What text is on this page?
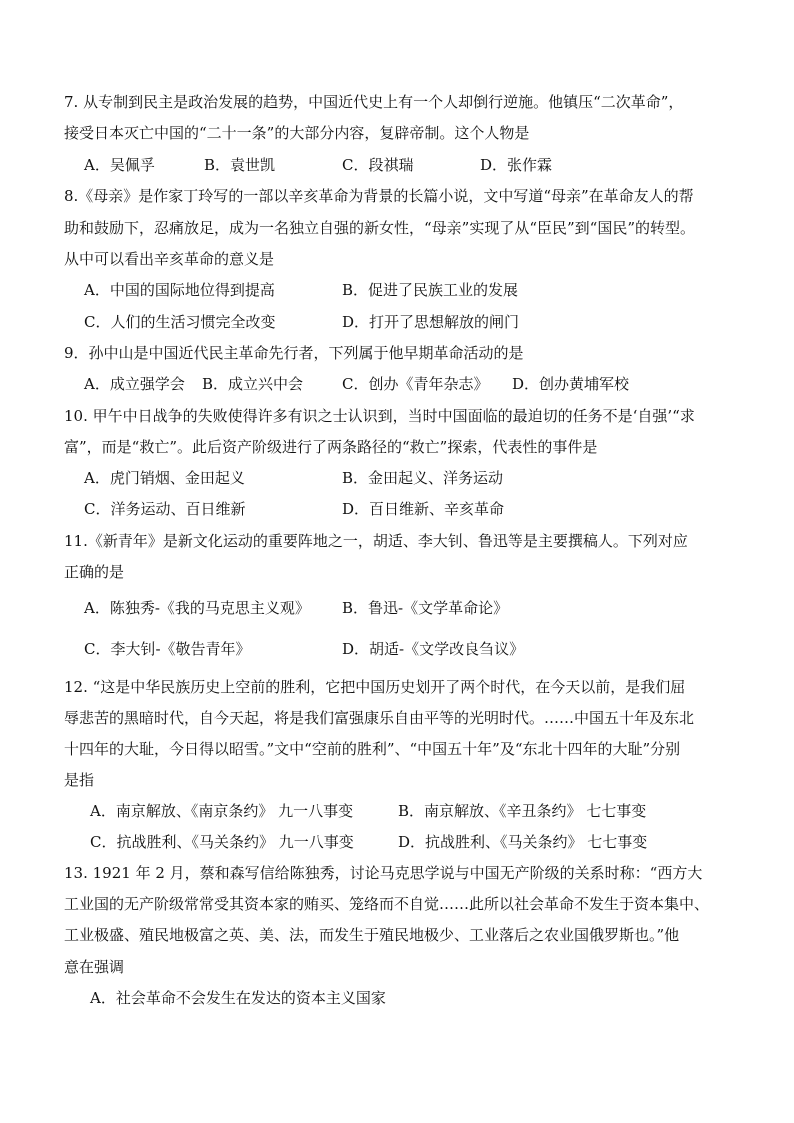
7. 从专制到民主是政治发展的趋势，中国近代史上有一个人却倒行逆施。他镇压“二次革命”，
接受日本灭亡中国的“二十一条”的大部分内容，复辟帝制。这个人物是
A．吴佩孚	B．袁世凯	C．段祺瑞	D．张作霖
8.《母亲》是作家丁玲写的一部以辛亥革命为背景的长篇小说，文中写道“母亲”在革命友人的帮
助和鼓励下，忍痛放足，成为一名独立自强的新女性，“母亲”实现了从“臣民”到“国民”的转型。
从中可以看出辛亥革命的意义是
A．中国的国际地位得到提高	B．促进了民族工业的发展
C．人们的生活习惯完全改变	D．打开了思想解放的闸门
9．孙中山是中国近代民主革命先行者，下列属于他早期革命活动的是
A．成立强学会 B．成立兴中会	C．创办《青年杂志》 D．创办黄埔军校
10. 甲午中日战争的失败使得许多有识之士认识到，当时中国面临的最迫切的任务不是‘自强’“求
富”，而是“救亡”。此后资产阶级进行了两条路径的“救亡”探索，代表性的事件是
A．虎门销烟、金田起义	B．金田起义、洋务运动
C．洋务运动、百日维新	D．百日维新、辛亥革命
11.《新青年》是新文化运动的重要阵地之一，胡适、李大钊、鲁迅等是主要撰稿人。下列对应
正确的是
A．陈独秀-《我的马克思主义观》 B．鲁迅-《文学革命论》
C．李大钊-《敬告青年》	D．胡适-《文学改良刍议》
12. “这是中华民族历史上空前的胜利，它把中国历史划开了两个时代，在今天以前，是我们屈
辱悲苦的黑暗时代，自今天起，将是我们富强康乐自由平等的光明时代。……中国五十年及东北
十四年的大耻，今日得以昭雪。”文中“空前的胜利”、“中国五十年”及“东北十四年的大耻”分别
是指
A．南京解放、《南京条约》 九一八事变	B．南京解放、《辛丑条约》 七七事变
C．抗战胜利、《马关条约》 九一八事变	D．抗战胜利、《马关条约》 七七事变
13. 1921 年 2 月，蔡和森写信给陈独秀，讨论马克思学说与中国无产阶级的关系时称：“西方大
工业国的无产阶级常常受其资本家的贿买、笼络而不自觉……此所以社会革命不发生于资本集中、
工业极盛、殖民地极富之英、美、法，而发生于殖民地极少、工业落后之农业国俄罗斯也。”他
意在强调
A．社会革命不会发生在发达的资本主义国家
